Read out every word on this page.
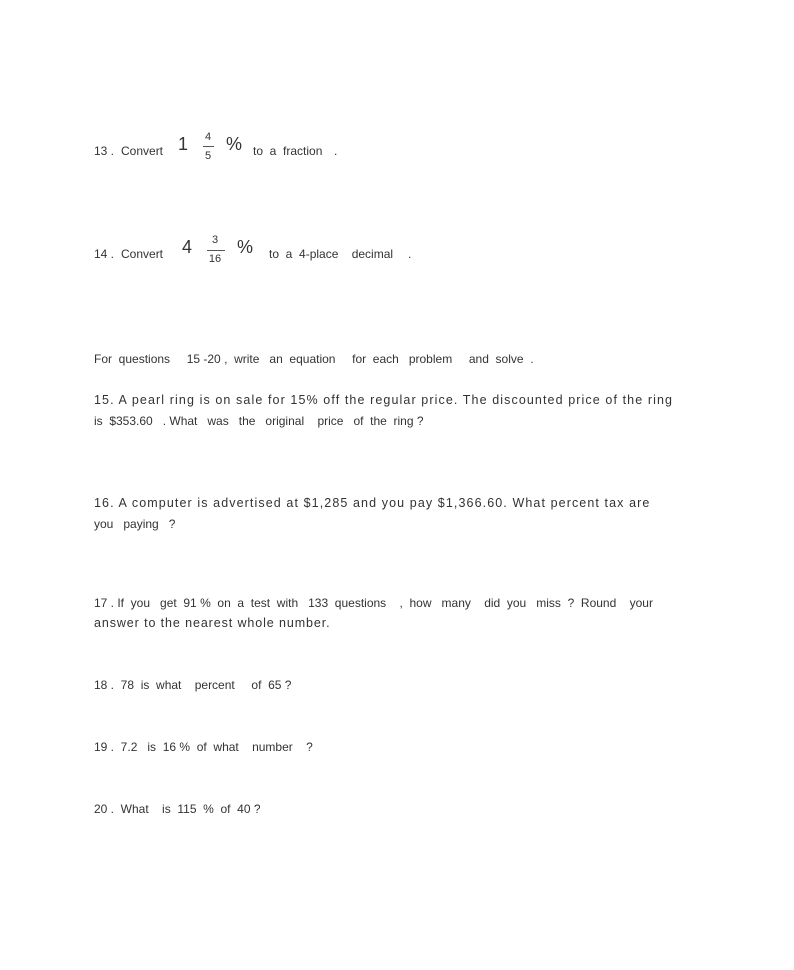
13 . Convert 1 4
5
% to  a  fraction .
14 . Convert 4	3
16
% to  a  4-place    decimal .
For  questions     15 -20 ,  write   an  equation     for  each   problem     and  solve  .
15. A pearl ring is on sale for 15% off the regular price. The discounted price of the ring
is  $353.60   . What   was   the   original    price   of  the  ring ?
16. A computer is advertised at $1,285 and you pay $1,366.60. What percent tax are
you   paying   ?
17 . If  you   get  91 %  on  a  test  with   133  questions    ,  how   many    did  you   miss  ?  Round    your
answer to the nearest whole number.
18 .  78  is  what    percent     of  65 ?
19 .  7.2   is  16 %  of  what    number    ?
20 .  What    is  115  %  of  40 ?
